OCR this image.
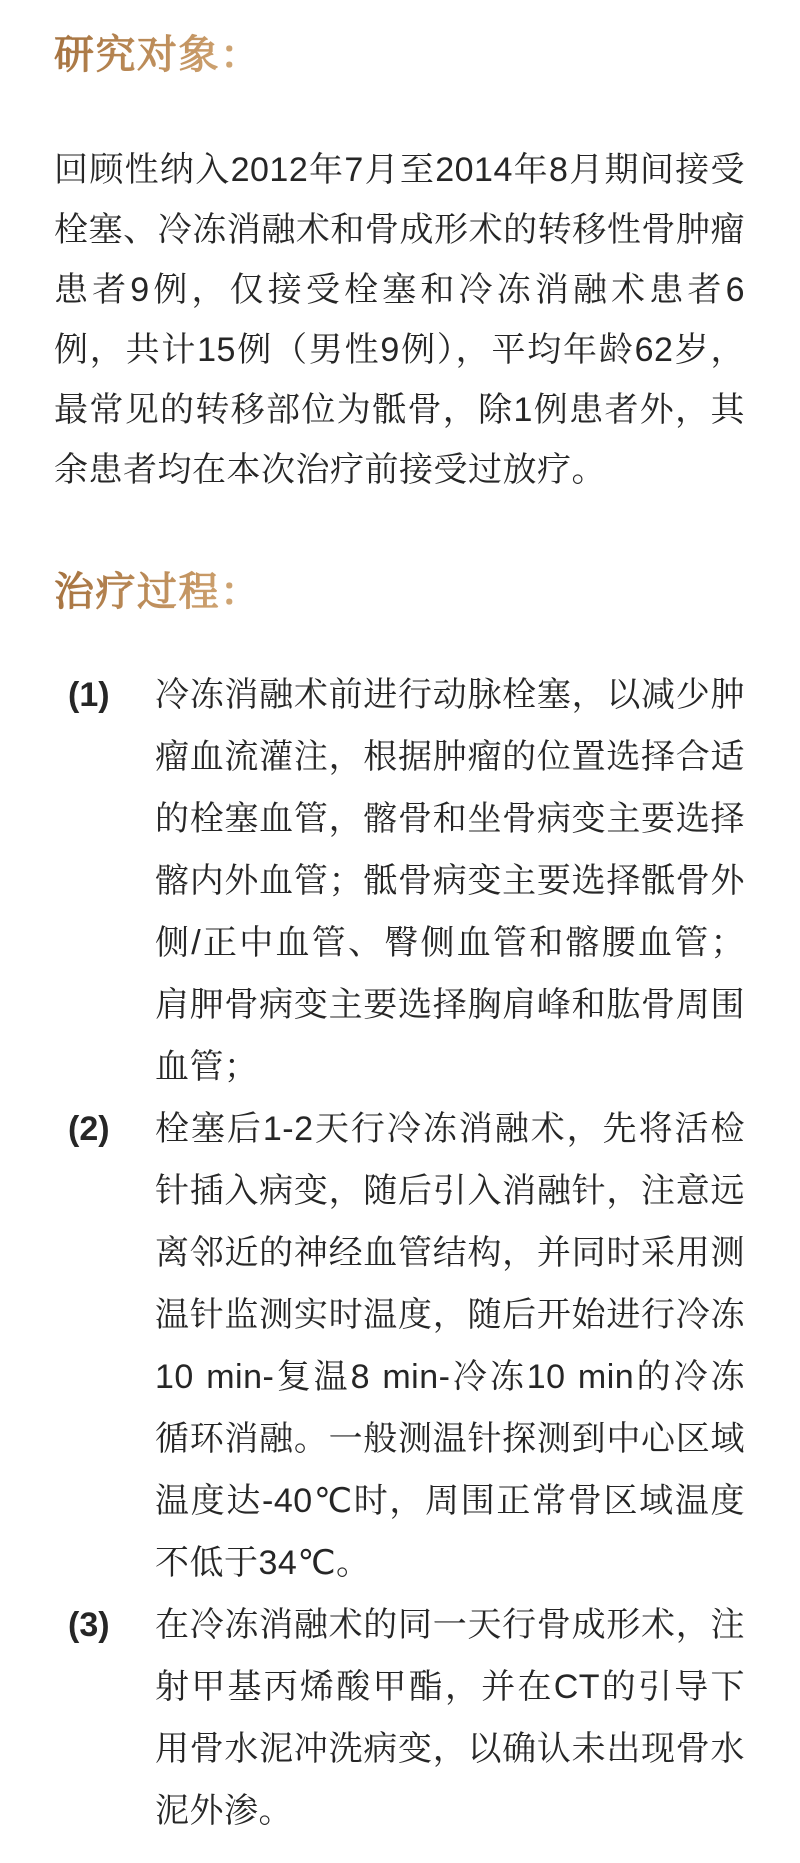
研究对象：

回顾性纳入2012年7月至2014年8月期间接受栓塞、冷冻消融术和骨成形术的转移性骨肿瘤患者9例，仅接受栓塞和冷冻消融术患者6例，共计15例（男性9例），平均年龄62岁，最常见的转移部位为骶骨，除1例患者外，其余患者均在本次治疗前接受过放疗。

治疗过程：
(1)	冷冻消融术前进行动脉栓塞，以减少肿瘤血流灌注，根据肿瘤的位置选择合适的栓塞血管，髂骨和坐骨病变主要选择髂内外血管；骶骨病变主要选择骶骨外侧/正中血管、臀侧血管和髂腰血管；肩胛骨病变主要选择胸肩峰和肱骨周围血管；
(2)	栓塞后1-2天行冷冻消融术，先将活检针插入病变，随后引入消融针，注意远离邻近的神经血管结构，并同时采用测温针监测实时温度，随后开始进行冷冻10 min-复温8 min-冷冻10 min的冷冻循环消融。一般测温针探测到中心区域温度达-40℃时，周围正常骨区域温度不低于34℃。
(3)	在冷冻消融术的同一天行骨成形术，注射甲基丙烯酸甲酯，并在CT的引导下用骨水泥冲洗病变，以确认未出现骨水泥外渗。
